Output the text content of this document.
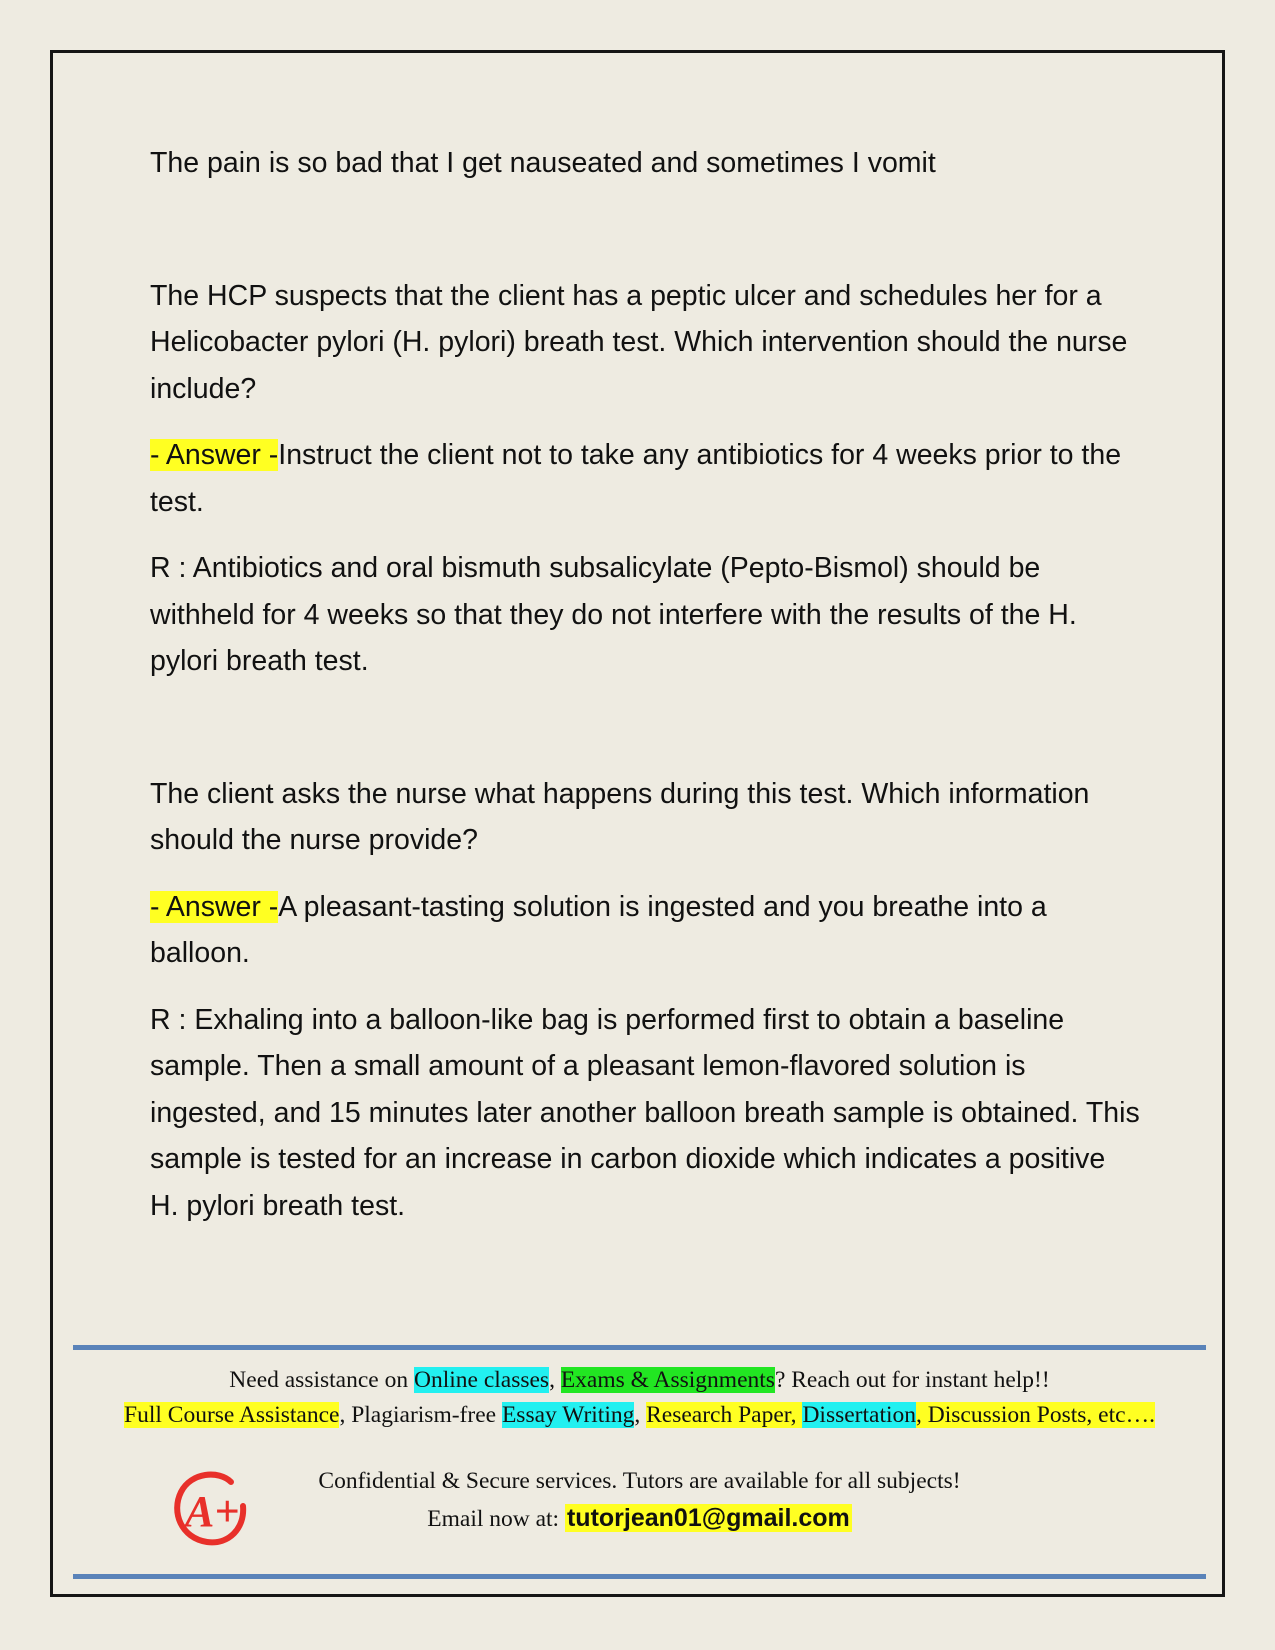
The pain is so bad that I get nauseated and sometimes I vomit

The HCP suspects that the client has a peptic ulcer and schedules her for a Helicobacter pylori (H. pylori) breath test. Which intervention should the nurse include?

- Answer -Instruct the client not to take any antibiotics for 4 weeks prior to the test.

R : Antibiotics and oral bismuth subsalicylate (Pepto-Bismol) should be withheld for 4 weeks so that they do not interfere with the results of the H. pylori breath test.

The client asks the nurse what happens during this test. Which information should the nurse provide?

- Answer -A pleasant-tasting solution is ingested and you breathe into a balloon.

R : Exhaling into a balloon-like bag is performed first to obtain a baseline sample. Then a small amount of a pleasant lemon-flavored solution is ingested, and 15 minutes later another balloon breath sample is obtained. This sample is tested for an increase in carbon dioxide which indicates a positive H. pylori breath test.

Need assistance on Online classes, Exams & Assignments? Reach out for instant help!!
Full Course Assistance, Plagiarism-free Essay Writing, Research Paper, Dissertation, Discussion Posts, etc….
A+
Confidential & Secure services. Tutors are available for all subjects!
Email now at: tutorjean01@gmail.com
